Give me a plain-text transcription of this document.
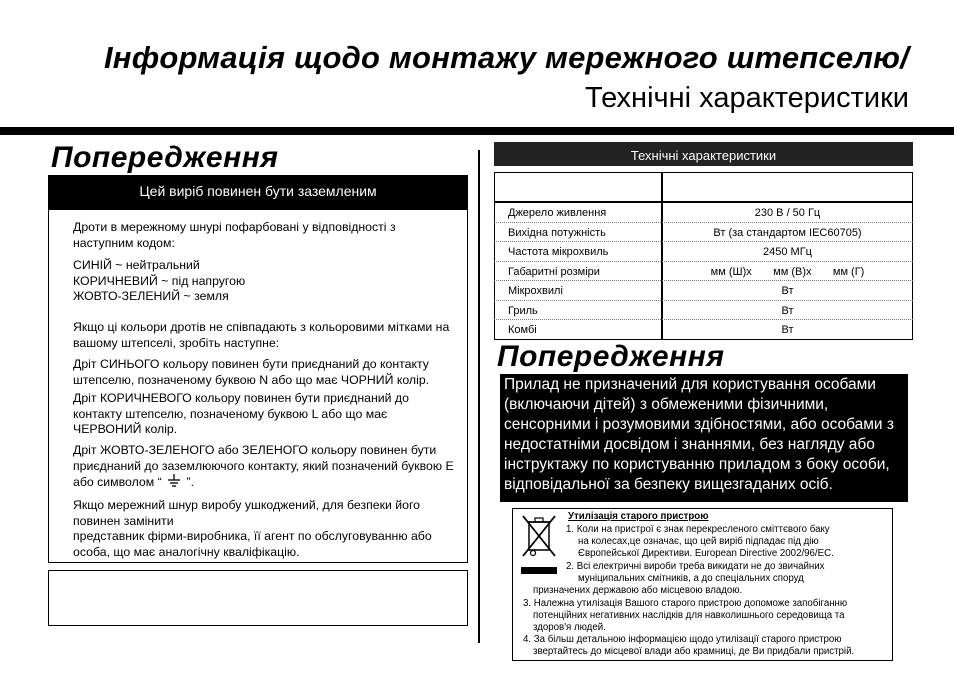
Інформація щодо монтажу мережного штепселю/
Технічні характеристики
Попередження
Цей виріб повинен бути заземленим
Дроти в мережному шнурі пофарбовані у відповідності з наступним кодом:
СИНІЙ ~ нейтральний
КОРИЧНЕВИЙ ~ під напругою
ЖОВТО-ЗЕЛЕНИЙ ~ земля
Якщо ці кольори дротів не співпадають з кольоровими мітками на вашому штепселі, зробіть наступне:
Дріт СИНЬОГО кольору повинен бути приєднаний до контакту штепселю, позначеному буквою N або що має ЧОРНИЙ колір.
Дріт КОРИЧНЕВОГО кольору повинен бути приєднаний до контакту штепселю, позначеному буквою L або що має ЧЕРВОНИЙ колір.
Дріт ЖОВТО-ЗЕЛЕНОГО або ЗЕЛЕНОГО кольору повинен бути приєднаний до заземлюючого контакту, який позначений буквою E або символом “ ”.
Якщо мережний шнур виробу ушкоджений, для безпеки його повинен замінити
представник фірми-виробника, її агент по обслуговуванню або особа, що має аналогічну кваліфікацію.
Технічні характеристики
Джерело живлення	230 В / 50 Гц
Вихідна потужність	Вт (за стандартом IEC60705)
Частота мікрохвиль	2450 МГц
Габаритні розміри	мм (Ш)x       мм (В)x       мм (Г)
Мікрохвилі	Вт
Гриль	Вт
Комбі	Вт
Попередження
Прилад не призначений для користування особами (включаючи дітей) з обмеженими фізичними, сенсорними і розумовими здібностями, або особами з недостатніми досвідом і знаннями, без нагляду або інструктажу по користуванню приладом з боку особи, відповідальної за безпеку вищезгаданих осіб.
Утилізація старого пристрою
1. Коли на пристрої є знак перекресленого сміттєвого баку
на колесах,це означає, що цей виріб підпадає під дію
Європейської Директиви. European Directive 2002/96/EC.
2. Всі електричні вироби треба викидати не до звичайних
муніципальних смітників, а до спеціальних споруд
призначених державою або місцевою владою.
3. Належна утилізація Вашого старого пристрою допоможе запобіганню
потенційних негативних наслідків для навколишнього середовища та
здоров'я людей.
4. За більш детальною інформацією щодо утилізації старого пристрою
звертайтесь до місцевої влади або крамниці, де Ви придбали пристрій.
